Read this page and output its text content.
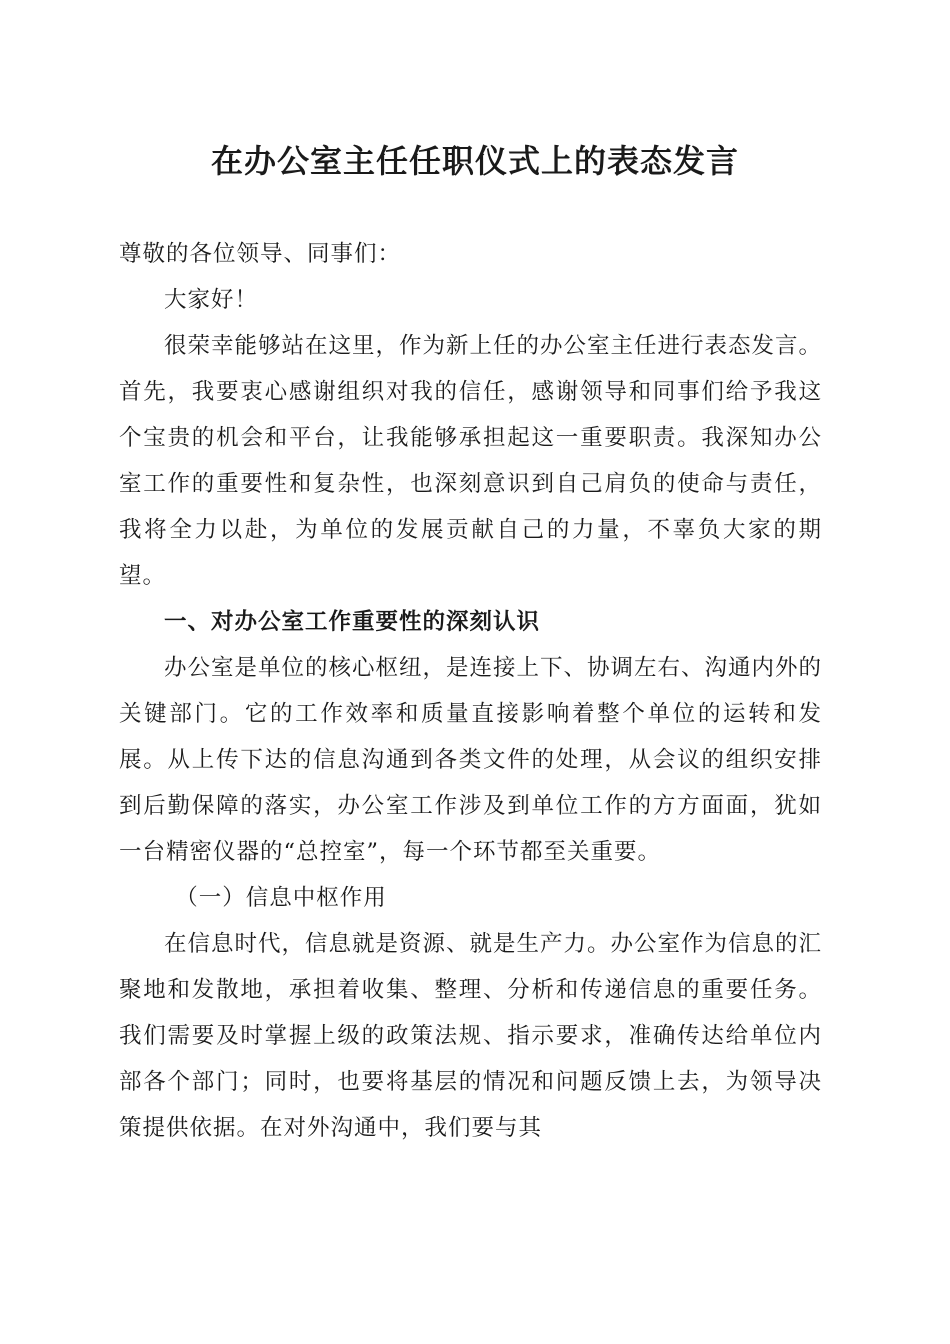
在办公室主任任职仪式上的表态发言

尊敬的各位领导、同事们：

大家好！

很荣幸能够站在这里，作为新上任的办公室主任进行表态发言。首先，我要衷心感谢组织对我的信任，感谢领导和同事们给予我这个宝贵的机会和平台，让我能够承担起这一重要职责。我深知办公室工作的重要性和复杂性，也深刻意识到自己肩负的使命与责任，我将全力以赴，为单位的发展贡献自己的力量，不辜负大家的期望。

一、对办公室工作重要性的深刻认识

办公室是单位的核心枢纽，是连接上下、协调左右、沟通内外的关键部门。它的工作效率和质量直接影响着整个单位的运转和发展。从上传下达的信息沟通到各类文件的处理，从会议的组织安排到后勤保障的落实，办公室工作涉及到单位工作的方方面面，犹如一台精密仪器的“总控室”，每一个环节都至关重要。

（一）信息中枢作用

在信息时代，信息就是资源、就是生产力。办公室作为信息的汇聚地和发散地，承担着收集、整理、分析和传递信息的重要任务。我们需要及时掌握上级的政策法规、指示要求，准确传达给单位内部各个部门；同时，也要将基层的情况和问题反馈上去，为领导决策提供依据。在对外沟通中，我们要与其
